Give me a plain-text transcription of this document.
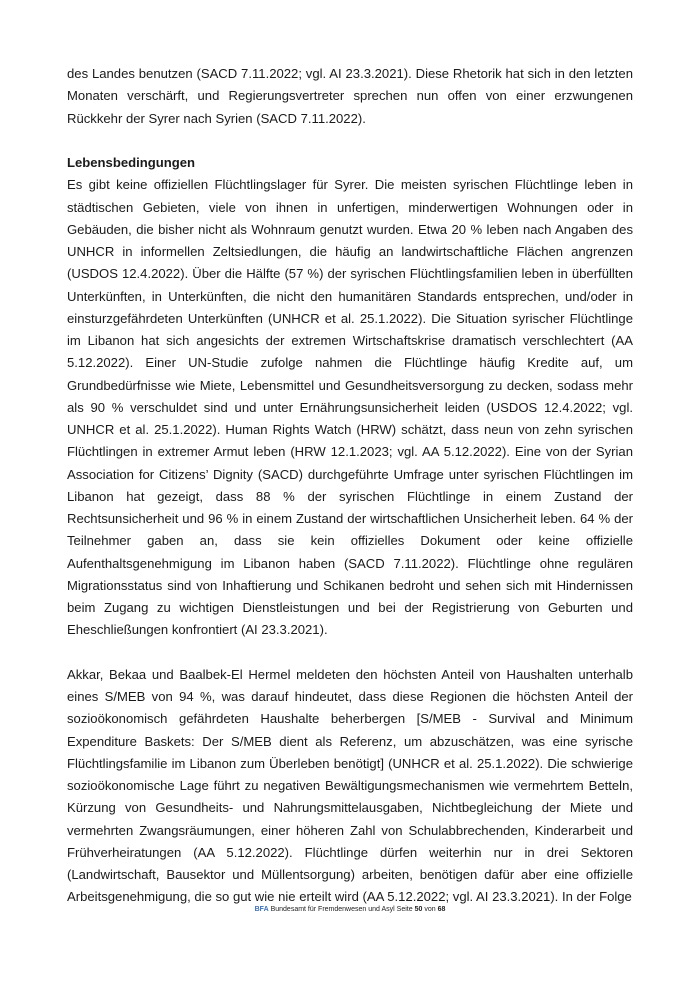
des Landes benutzen (SACD 7.11.2022; vgl. AI 23.3.2021). Diese Rhetorik hat sich in den letzten Monaten verschärft, und Regierungsvertreter sprechen nun offen von einer erzwungenen Rückkehr der Syrer nach Syrien (SACD 7.11.2022).

Lebensbedingungen

Es gibt keine offiziellen Flüchtlingslager für Syrer. Die meisten syrischen Flüchtlinge leben in städtischen Gebieten, viele von ihnen in unfertigen, minderwertigen Wohnungen oder in Gebäuden, die bisher nicht als Wohnraum genutzt wurden. Etwa 20 % leben nach Angaben des UNHCR in informellen Zeltsiedlungen, die häufig an landwirtschaftliche Flächen angrenzen (USDOS 12.4.2022). Über die Hälfte (57 %) der syrischen Flüchtlingsfamilien leben in überfüllten Unterkünften, in Unterkünften, die nicht den humanitären Standards entsprechen, und/oder in einsturzgefährdeten Unterkünften (UNHCR et al. 25.1.2022). Die Situation syrischer Flüchtlinge im Libanon hat sich angesichts der extremen Wirtschaftskrise dramatisch verschlechtert (AA 5.12.2022). Einer UN-Studie zufolge nahmen die Flüchtlinge häufig Kredite auf, um Grundbedürfnisse wie Miete, Lebensmittel und Gesundheitsversorgung zu decken, sodass mehr als 90 % verschuldet sind und unter Ernährungsunsicherheit leiden (USDOS 12.4.2022; vgl. UNHCR et al. 25.1.2022). Human Rights Watch (HRW) schätzt, dass neun von zehn syrischen Flüchtlingen in extremer Armut leben (HRW 12.1.2023; vgl. AA 5.12.2022). Eine von der Syrian Association for Citizens’ Dignity (SACD) durchgeführte Umfrage unter syrischen Flüchtlingen im Libanon hat gezeigt, dass 88 % der syrischen Flüchtlinge in einem Zustand der Rechtsunsicherheit und 96 % in einem Zustand der wirtschaftlichen Unsicherheit leben. 64 % der Teilnehmer gaben an, dass sie kein offizielles Dokument oder keine offizielle Aufenthaltsgenehmigung im Libanon haben (SACD 7.11.2022). Flüchtlinge ohne regulären Migrationsstatus sind von Inhaftierung und Schikanen bedroht und sehen sich mit Hindernissen beim Zugang zu wichtigen Dienstleistungen und bei der Registrierung von Geburten und Eheschließungen konfrontiert (AI 23.3.2021).

Akkar, Bekaa und Baalbek-El Hermel meldeten den höchsten Anteil von Haushalten unterhalb eines S/MEB von 94 %, was darauf hindeutet, dass diese Regionen die höchsten Anteil der sozioökonomisch gefährdeten Haushalte beherbergen [S/MEB - Survival and Minimum Expenditure Baskets: Der S/MEB dient als Referenz, um abzuschätzen, was eine syrische Flüchtlingsfamilie im Libanon zum Überleben benötigt] (UNHCR et al. 25.1.2022). Die schwierige sozioökonomische Lage führt zu negativen Bewältigungsmechanismen wie vermehrtem Betteln, Kürzung von Gesundheits- und Nahrungsmittelausgaben, Nichtbegleichung der Miete und vermehrten Zwangsräumungen, einer höheren Zahl von Schulabbrechenden, Kinderarbeit und Frühverheiratungen (AA 5.12.2022). Flüchtlinge dürfen weiterhin nur in drei Sektoren (Landwirtschaft, Bausektor und Müllentsorgung) arbeiten, benötigen dafür aber eine offizielle Arbeitsgenehmigung, die so gut wie nie erteilt wird (AA 5.12.2022; vgl. AI 23.3.2021). In der Folge

BFA Bundesamt für Fremdenwesen und Asyl Seite 50 von 68
